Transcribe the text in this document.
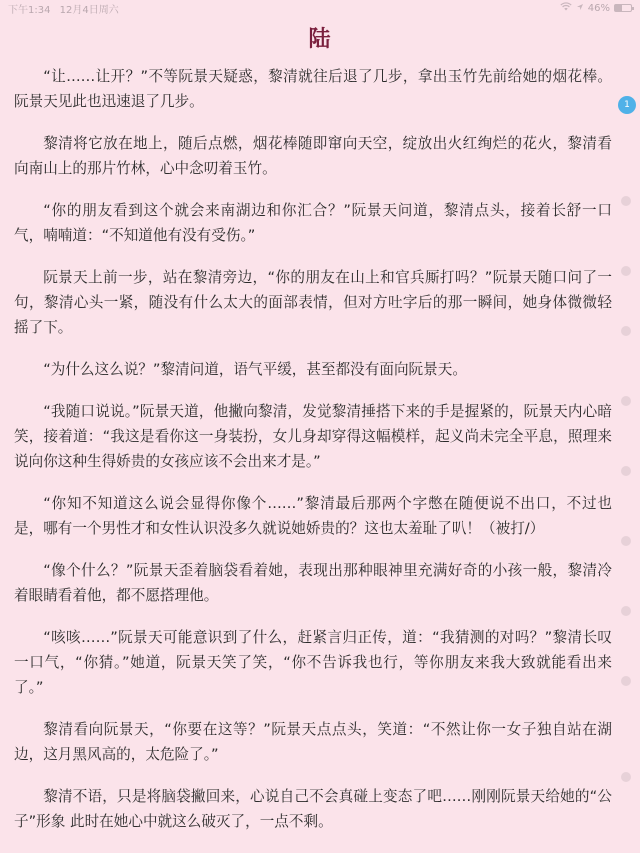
下午1:34 12月4日周六	46%
陆

“让……让开？”不等阮景天疑惑，黎清就往后退了几步，拿出玉竹先前给她的烟花棒。阮景天见此也迅速退了几步。

黎清将它放在地上，随后点燃，烟花棒随即窜向天空，绽放出火红绚烂的花火，黎清看向南山上的那片竹林，心中念叨着玉竹。

“你的朋友看到这个就会来南湖边和你汇合？”阮景天问道，黎清点头，接着长舒一口气，喃喃道：“不知道他有没有受伤。”

阮景天上前一步，站在黎清旁边，“你的朋友在山上和官兵厮打吗？”阮景天随口问了一句，黎清心头一紧，随没有什么太大的面部表情，但对方吐字后的那一瞬间，她身体微微轻摇了下。

“为什么这么说？”黎清问道，语气平缓，甚至都没有面向阮景天。

“我随口说说。”阮景天道，他撇向黎清，发觉黎清捶搭下来的手是握紧的，阮景天内心暗笑，接着道：“我这是看你这一身装扮，女儿身却穿得这幅模样，起义尚未完全平息，照理来说向你这种生得娇贵的女孩应该不会出来才是。”

“你知不知道这么说会显得你像个……”黎清最后那两个字憋在随便说不出口，不过也是，哪有一个男性才和女性认识没多久就说她娇贵的？这也太羞耻了叭！（被打/）

“像个什么？”阮景天歪着脑袋看着她，表现出那种眼神里充满好奇的小孩一般，黎清冷着眼睛看着他，都不愿搭理他。

“咳咳……”阮景天可能意识到了什么，赶紧言归正传，道：“我猜测的对吗？”黎清长叹一口气，“你猜。”她道，阮景天笑了笑，“你不告诉我也行，等你朋友来我大致就能看出来了。”

黎清看向阮景天，“你要在这等？”阮景天点点头，笑道：“不然让你一女子独自站在湖边，这月黑风高的，太危险了。”

黎清不语，只是将脑袋撇回来，心说自己不会真碰上变态了吧……刚刚阮景天给她的“公子”形象 此时在她心中就这么破灭了，一点不剩。

1
